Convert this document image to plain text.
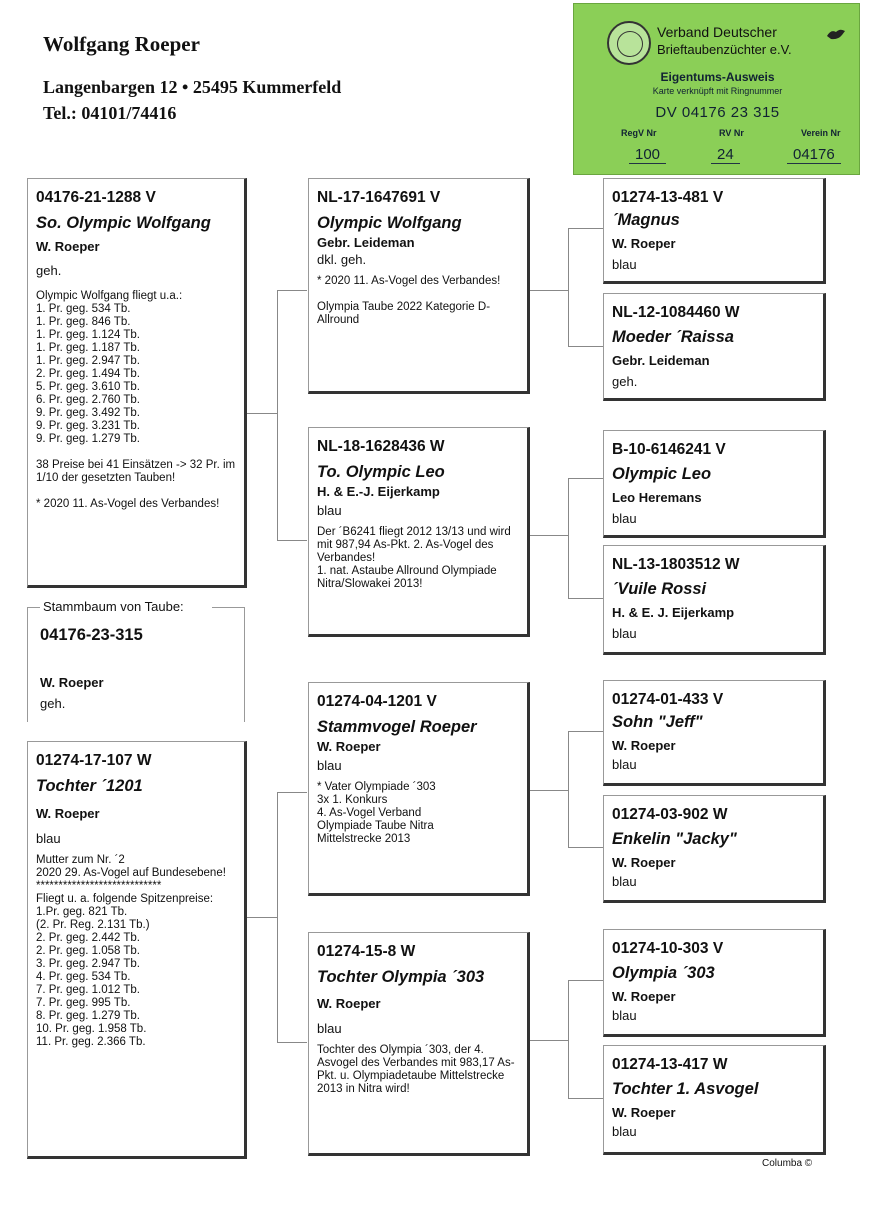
Wolfgang Roeper
Langenbargen 12 • 25495 Kummerfeld
Tel.: 04101/74416
Verband Deutscher
Brieftaubenzüchter e.V.
Eigentums-Ausweis
Karte verknüpft mit Ringnummer
DV 04176 23 315
RegV Nr	RV Nr	Verein Nr
100	24	04176
04176-21-1288 V
So. Olympic Wolfgang
W. Roeper
geh.
Olympic Wolfgang fliegt u.a.:
1. Pr. geg. 534 Tb.
1. Pr. geg. 846 Tb.
1. Pr. geg. 1.124 Tb.
1. Pr. geg. 1.187 Tb.
1. Pr. geg. 2.947 Tb.
2. Pr. geg. 1.494 Tb.
5. Pr. geg. 3.610 Tb.
6. Pr. geg. 2.760 Tb.
9. Pr. geg. 3.492 Tb.
9. Pr. geg. 3.231 Tb.
9. Pr. geg. 1.279 Tb.

38 Preise bei 41 Einsätzen -> 32 Pr. im 1/10 der gesetzten Tauben!

* 2020 11. As-Vogel des Verbandes!
Stammbaum von Taube:
04176-23-315
W. Roeper
geh.
01274-17-107 W
Tochter ´1201
W. Roeper
blau
Mutter zum Nr. ´2
2020 29. As-Vogel auf Bundesebene!
****************************
Fliegt u. a. folgende Spitzenpreise:
1.Pr. geg. 821 Tb.
(2. Pr. Reg. 2.131 Tb.)
2. Pr. geg. 2.442 Tb.
2. Pr. geg. 1.058 Tb.
3. Pr. geg. 2.947 Tb.
4. Pr. geg. 534 Tb.
7. Pr. geg. 1.012 Tb.
7. Pr. geg. 995 Tb.
8. Pr. geg. 1.279 Tb.
10. Pr. geg. 1.958 Tb.
11. Pr. geg. 2.366 Tb.
NL-17-1647691 V
Olympic Wolfgang
Gebr. Leideman
dkl. geh.
* 2020 11. As-Vogel des Verbandes!

Olympia Taube 2022 Kategorie D-Allround
NL-18-1628436 W
To. Olympic Leo
H. & E.-J. Eijerkamp
blau
Der ´B6241 fliegt 2012 13/13 und wird mit 987,94 As-Pkt. 2. As-Vogel des Verbandes!
1. nat. Astaube Allround Olympiade Nitra/Slowakei 2013!
01274-04-1201 V
Stammvogel Roeper
W. Roeper
blau
* Vater Olympiade ´303
3x 1. Konkurs
4. As-Vogel Verband
Olympiade Taube Nitra
Mittelstrecke 2013
01274-15-8 W
Tochter Olympia ´303
W. Roeper
blau
Tochter des Olympia ´303, der 4. Asvogel des Verbandes mit 983,17 As-Pkt. u. Olympiadetaube Mittelstrecke 2013 in Nitra wird!
01274-13-481 V
´Magnus
W. Roeper
blau
NL-12-1084460 W
Moeder ´Raissa
Gebr. Leideman
geh.
B-10-6146241 V
Olympic Leo
Leo Heremans
blau
NL-13-1803512 W
´Vuile Rossi
H. & E. J. Eijerkamp
blau
01274-01-433 V
Sohn "Jeff"
W. Roeper
blau
01274-03-902 W
Enkelin "Jacky"
W. Roeper
blau
01274-10-303 V
Olympia ´303
W. Roeper
blau
01274-13-417 W
Tochter 1. Asvogel
W. Roeper
blau
Columba ©
